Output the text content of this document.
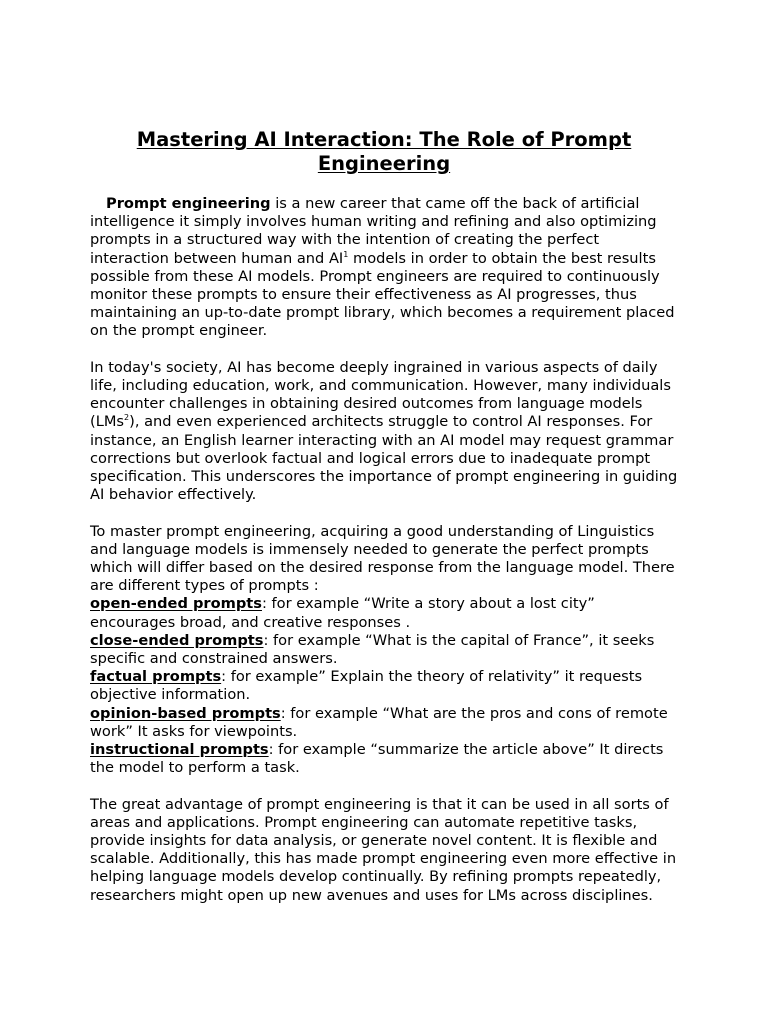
Mastering AI Interaction: The Role of Prompt Engineering

Prompt engineering is a new career that came off the back of artificial intelligence it simply involves human writing and refining and also optimizing prompts in a structured way with the intention of creating the perfect interaction between human and $AI^1$ models in order to obtain the best results possible from these AI models. Prompt engineers are required to continuously monitor these prompts to ensure their effectiveness as AI progresses, thus maintaining an up-to-date prompt library, which becomes a requirement placed on the prompt engineer.

In today's society, AI has become deeply ingrained in various aspects of daily life, including education, work, and communication. However, many individuals encounter challenges in obtaining desired outcomes from language models (LMs$^2$), and even experienced architects struggle to control AI responses. For instance, an English learner interacting with an AI model may request grammar corrections but overlook factual and logical errors due to inadequate prompt specification. This underscores the importance of prompt engineering in guiding AI behavior effectively.

To master prompt engineering, acquiring a good understanding of Linguistics and language models is immensely needed to generate the perfect prompts which will differ based on the desired response from the language model. There are different types of prompts :

open-ended prompts: for example “Write a story about a lost city” encourages broad, and creative responses .

close-ended prompts: for example “What is the capital of France”, it seeks specific and constrained answers.

factual prompts: for example” Explain the theory of relativity” it requests objective information.

opinion-based prompts: for example “What are the pros and cons of remote work” It asks for viewpoints.

instructional prompts: for example “summarize the article above” It directs the model to perform a task.

The great advantage of prompt engineering is that it can be used in all sorts of areas and applications. Prompt engineering can automate repetitive tasks, provide insights for data analysis, or generate novel content. It is flexible and scalable. Additionally, this has made prompt engineering even more effective in helping language models develop continually. By refining prompts repeatedly, researchers might open up new avenues and uses for LMs across disciplines.
